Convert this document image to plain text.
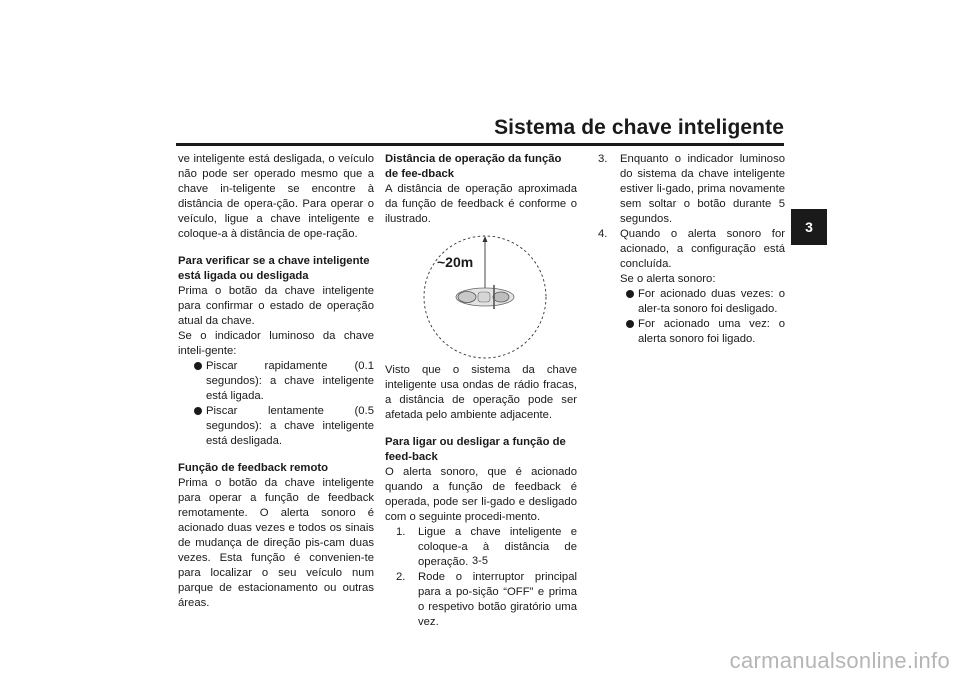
Sistema de chave inteligente
3

ve inteligente está desligada, o veículo não pode ser operado mesmo que a chave in-teligente se encontre à distância de opera-ção. Para operar o veículo, ligue a chave inteligente e coloque-a à distância de ope-ração.

Para verificar se a chave inteligente está ligada ou desligada

Prima o botão da chave inteligente para confirmar o estado de operação atual da chave.

Se o indicador luminoso da chave inteli-gente:

Piscar rapidamente (0.1 segundos): a chave inteligente está ligada.
Piscar lentamente (0.5 segundos): a chave inteligente está desligada.
Função de feedback remoto

Prima o botão da chave inteligente para operar a função de feedback remotamente. O alerta sonoro é acionado duas vezes e todos os sinais de mudança de direção pis-cam duas vezes. Esta função é convenien-te para localizar o seu veículo num parque de estacionamento ou outras áreas.

Distância de operação da função de fee-dback

A distância de operação aproximada da função de feedback é conforme o ilustrado.

~20m

Visto que o sistema da chave inteligente usa ondas de rádio fracas, a distância de operação pode ser afetada pelo ambiente adjacente.

Para ligar ou desligar a função de feed-back

O alerta sonoro, que é acionado quando a função de feedback é operada, pode ser li-gado e desligado com o seguinte procedi-mento.

1. Ligue a chave inteligente e coloque-a à distância de operação.
2. Rode o interruptor principal para a po-sição “OFF” e prima o respetivo botão giratório uma vez.
3. Enquanto o indicador luminoso do sistema da chave inteligente estiver li-gado, prima novamente sem soltar o botão durante 5 segundos.
4. Quando o alerta sonoro for acionado, a configuração está concluída.
Se o alerta sonoro:
For acionado duas vezes: o aler-ta sonoro foi desligado.
For acionado uma vez: o alerta sonoro foi ligado.
3-5
carmanualsonline.info
